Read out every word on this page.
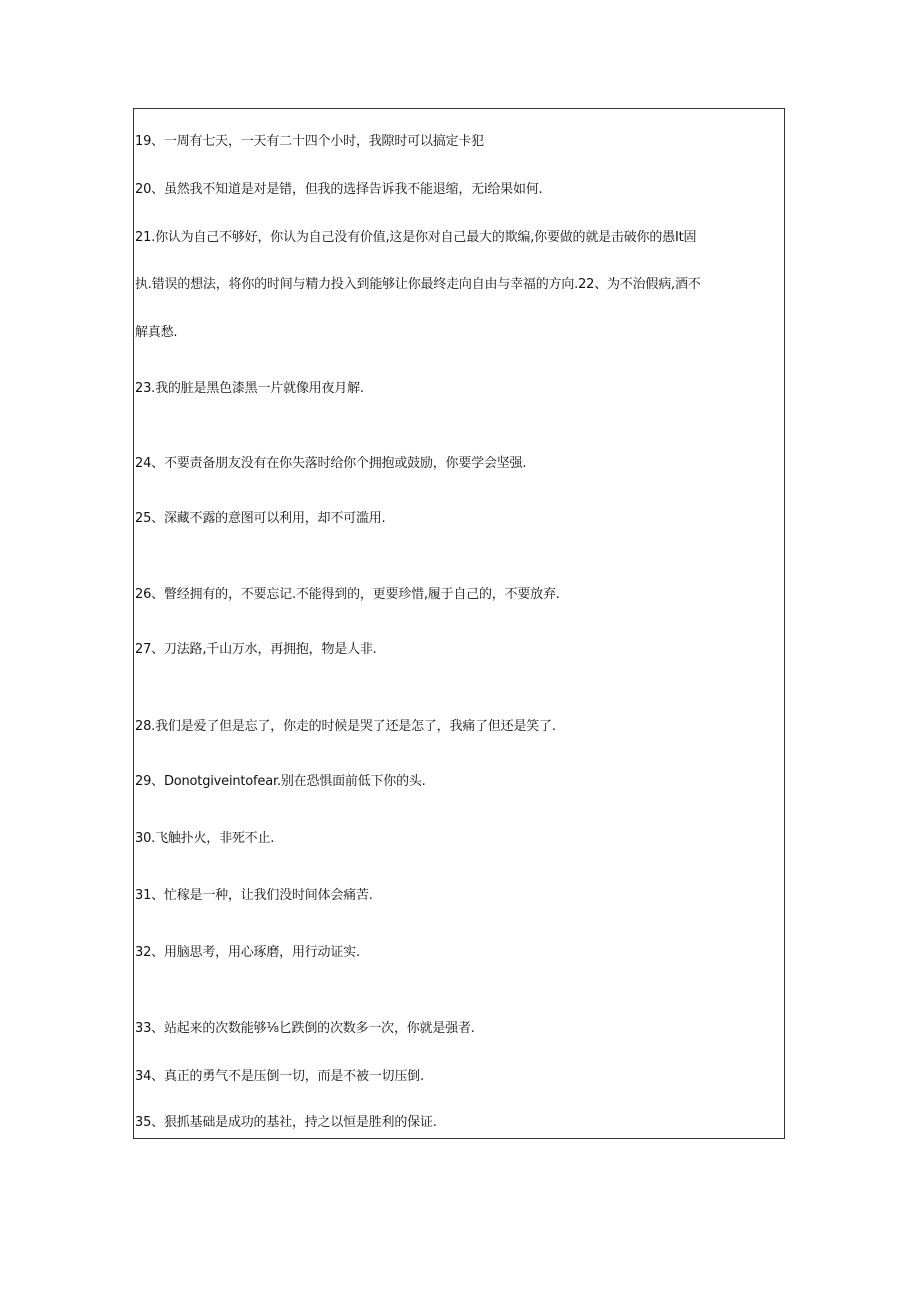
19、一周有七天，一天有二十四个小时，我隙时可以搞定卡犯
20、虽然我不知道是对是错，但我的选择告诉我不能退缩，无i给果如何.
21.你认为自己不够好，你认为自己没有价值,这是你对自己最大的欺编,你要做的就是击破你的愚It固
执.错误的想法，将你的时间与精力投入到能够让你最终走向自由与幸福的方向.22、为不治假病,酒不
解真愁.
23.我的脏是黑色漆黑一片就像用夜月解.
24、不要责备朋友没有在你失落时给你个拥抱或鼓励，你要学会坚强.
25、深藏不露的意图可以利用，却不可滥用.
26、瞥经拥有的，不要忘记.不能得到的，更要珍惜,履于自己的，不要放弃.
27、刀法路,千山万水，再拥抱，物是人非.
28.我们是爱了但是忘了，你走的时候是哭了还是怎了，我痛了但还是笑了.
29、Donotgiveintofear.别在恐惧面前低下你的头.
30.飞触扑火，非死不止.
31、忙稼是一种，让我们没时间体会痛苦.
32、用脑思考，用心琢磨，用行动证实.
33、站起来的次数能够⅛匕跌倒的次数多一次，你就是强者.
34、真正的勇气不是压倒一切，而是不被一切压倒.
35、狠抓基础是成功的基社，持之以恒是胜利的保证.
